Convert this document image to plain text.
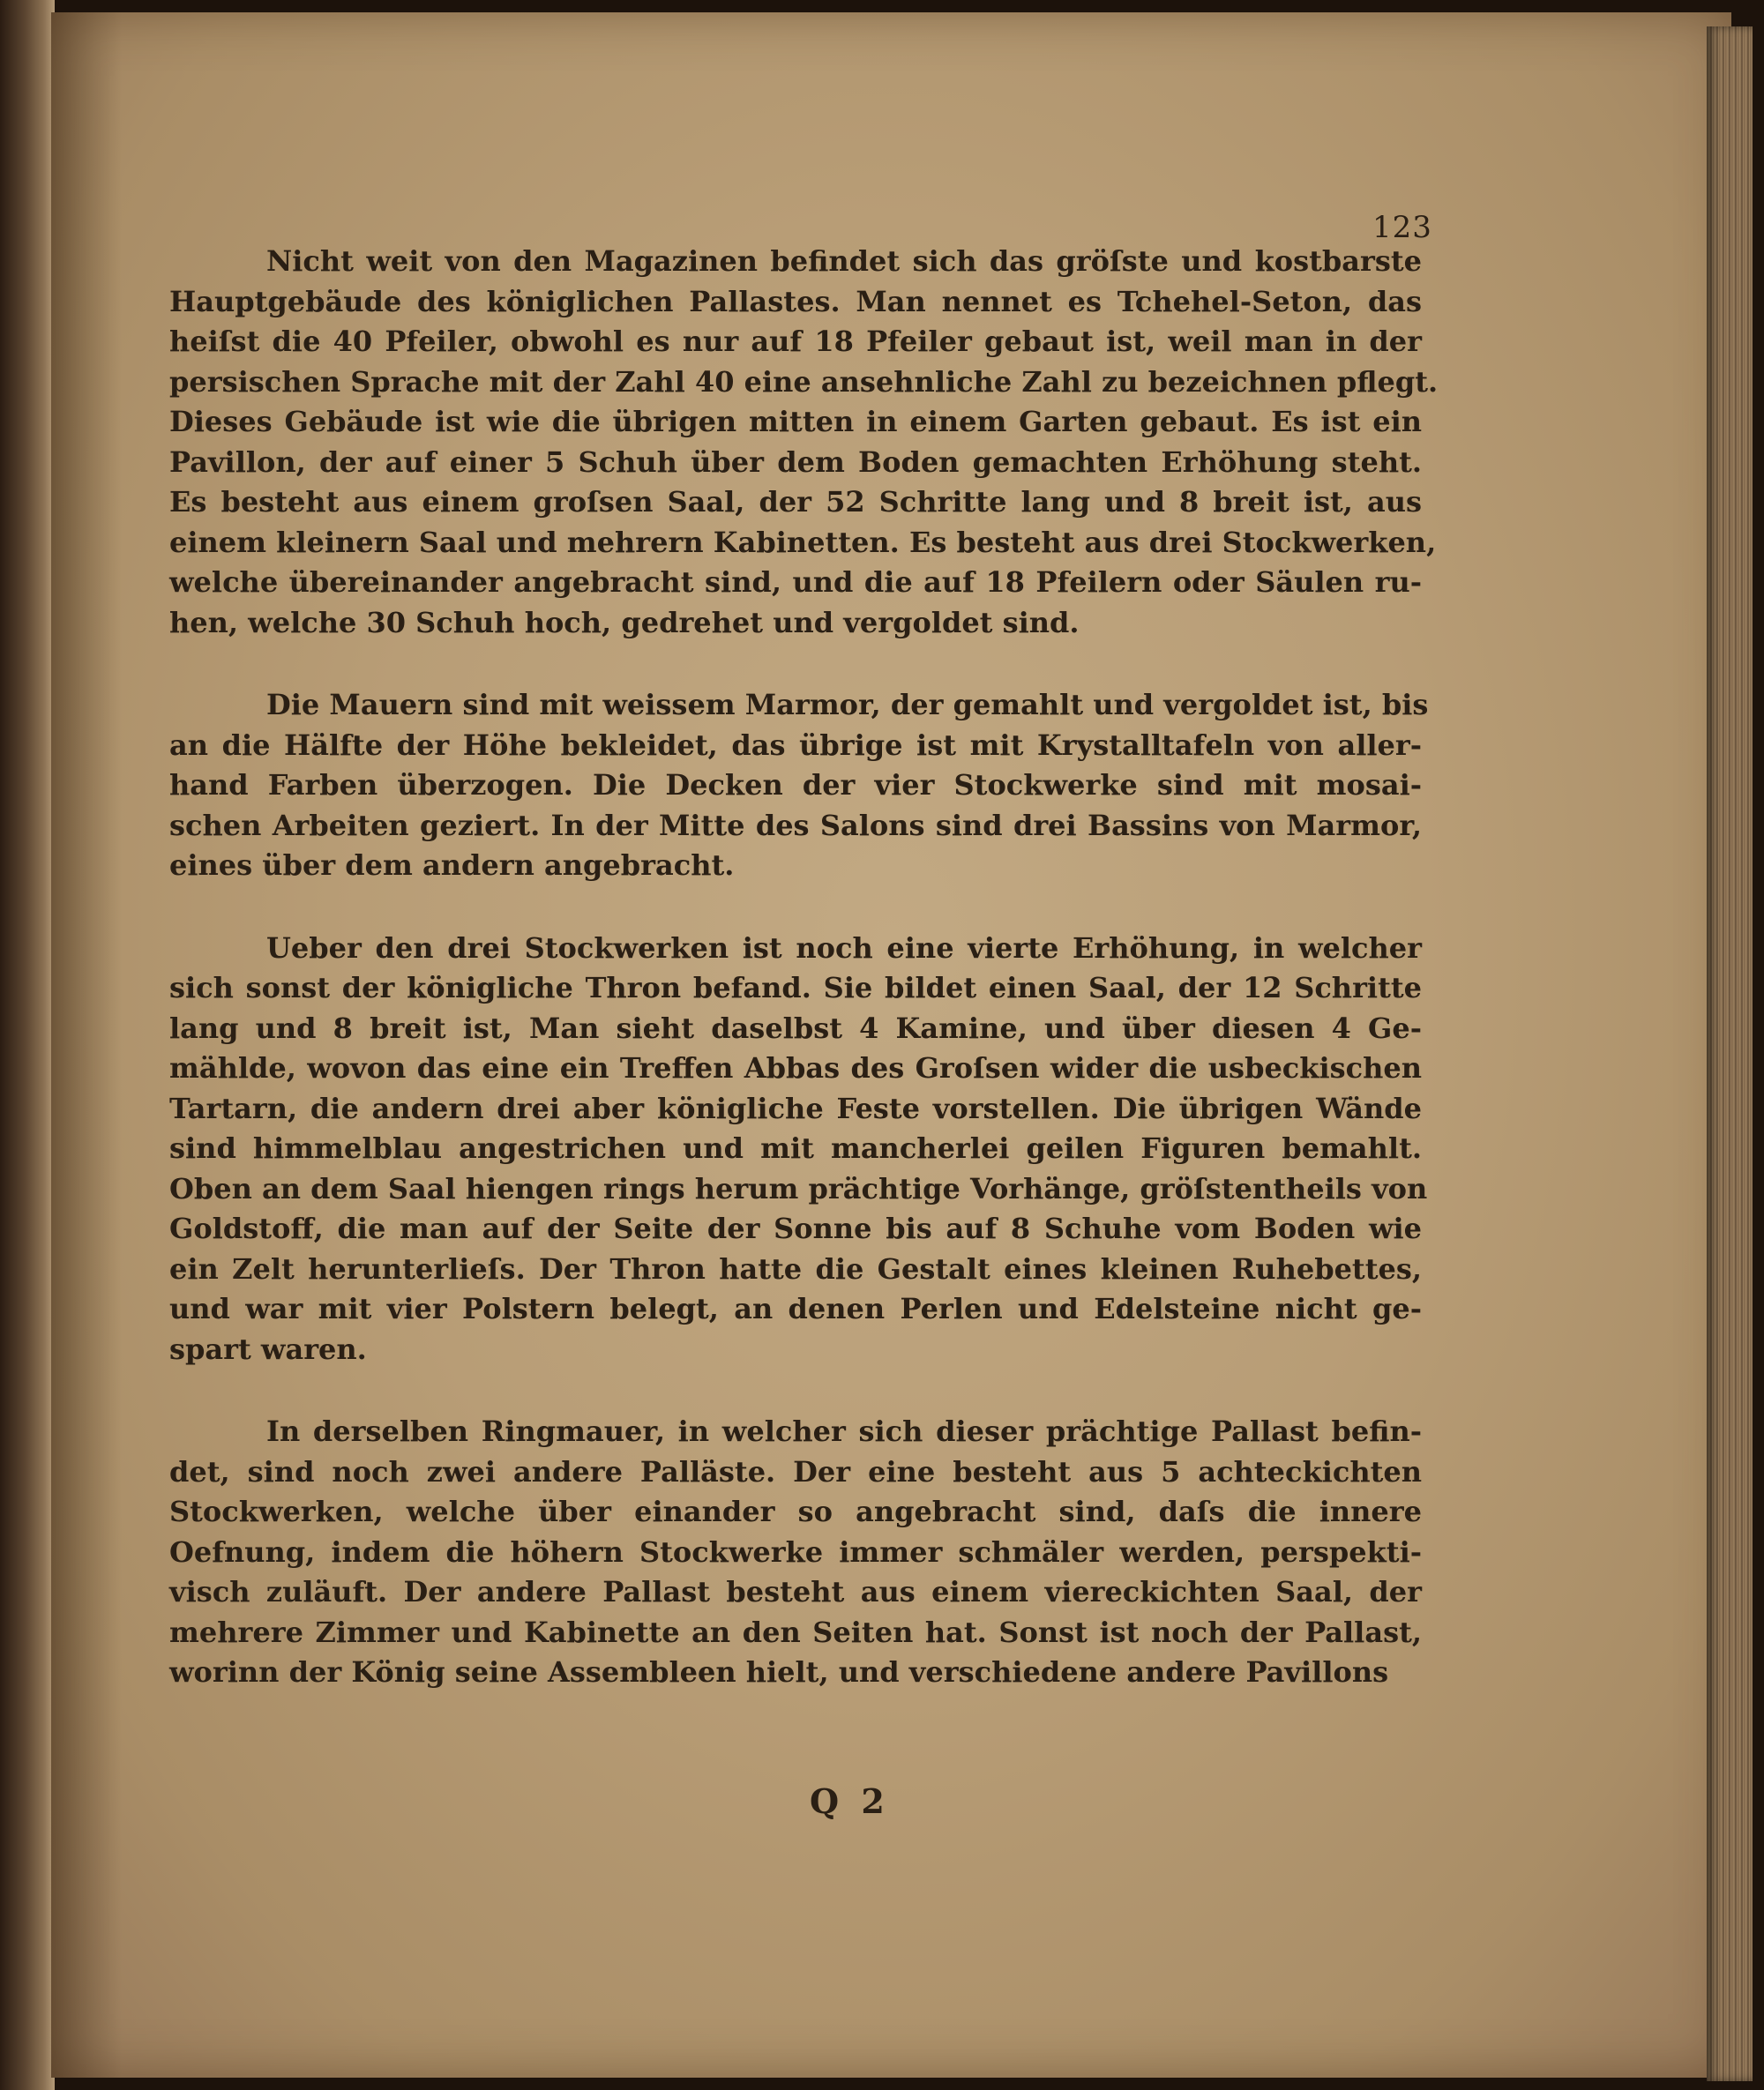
123
Nicht weit von den Magazinen befindet sich das gröſste und kostbarste
Hauptgebäude des königlichen Pallastes. Man nennet es Tchehel-Seton, das
heiſst die 40 Pfeiler, obwohl es nur auf 18 Pfeiler gebaut ist, weil man in der
persischen Sprache mit der Zahl 40 eine ansehnliche Zahl zu bezeichnen pflegt.
Dieses Gebäude ist wie die übrigen mitten in einem Garten gebaut. Es ist ein
Pavillon, der auf einer 5 Schuh über dem Boden gemachten Erhöhung steht.
Es besteht aus einem groſsen Saal, der 52 Schritte lang und 8 breit ist, aus
einem kleinern Saal und mehrern Kabinetten. Es besteht aus drei Stockwerken,
welche übereinander angebracht sind, und die auf 18 Pfeilern oder Säulen ru-
hen, welche 30 Schuh hoch, gedrehet und vergoldet sind.
Die Mauern sind mit weissem Marmor, der gemahlt und vergoldet ist, bis
an die Hälfte der Höhe bekleidet, das übrige ist mit Krystalltafeln von aller-
hand Farben überzogen. Die Decken der vier Stockwerke sind mit mosai-
schen Arbeiten geziert. In der Mitte des Salons sind drei Bassins von Marmor,
eines über dem andern angebracht.
Ueber den drei Stockwerken ist noch eine vierte Erhöhung, in welcher
sich sonst der königliche Thron befand. Sie bildet einen Saal, der 12 Schritte
lang und 8 breit ist, Man sieht daselbst 4 Kamine, und über diesen 4 Ge-
mählde, wovon das eine ein Treffen Abbas des Groſsen wider die usbeckischen
Tartarn, die andern drei aber königliche Feste vorstellen. Die übrigen Wände
sind himmelblau angestrichen und mit mancherlei geilen Figuren bemahlt.
Oben an dem Saal hiengen rings herum prächtige Vorhänge, gröſstentheils von
Goldstoff, die man auf der Seite der Sonne bis auf 8 Schuhe vom Boden wie
ein Zelt herunterlieſs. Der Thron hatte die Gestalt eines kleinen Ruhebettes,
und war mit vier Polstern belegt, an denen Perlen und Edelsteine nicht ge-
spart waren.
In derselben Ringmauer, in welcher sich dieser prächtige Pallast befin-
det, sind noch zwei andere Palläste. Der eine besteht aus 5 achteckichten
Stockwerken, welche über einander so angebracht sind, daſs die innere
Oefnung, indem die höhern Stockwerke immer schmäler werden, perspekti-
visch zuläuft. Der andere Pallast besteht aus einem viereckichten Saal, der
mehrere Zimmer und Kabinette an den Seiten hat. Sonst ist noch der Pallast,
worinn der König seine Assembleen hielt, und verschiedene andere Pavillons
Q 2
